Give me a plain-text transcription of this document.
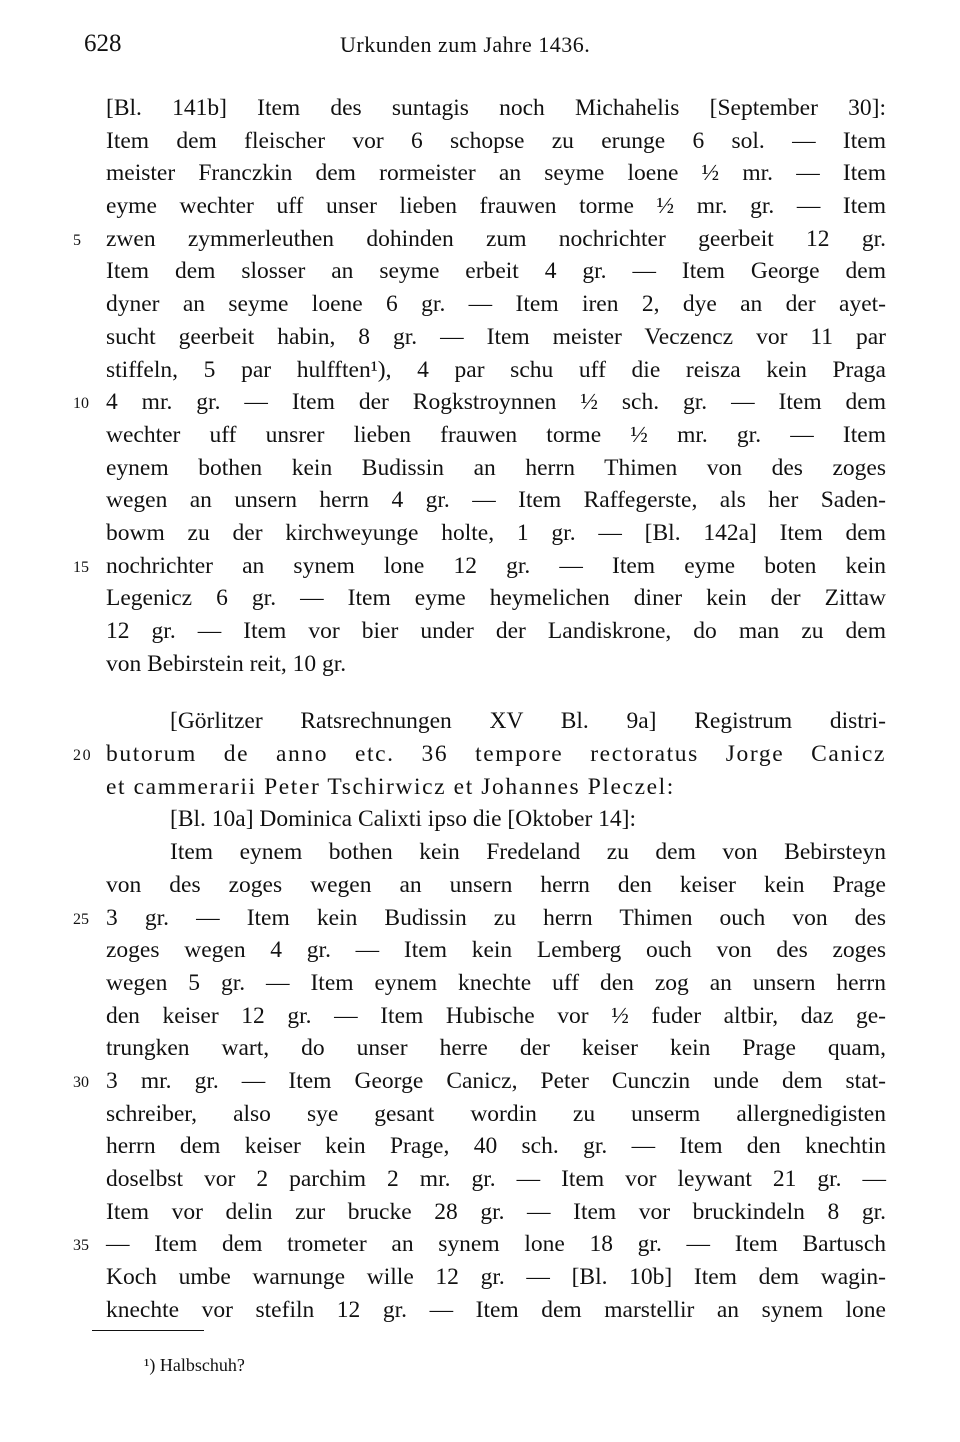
628	Urkunden zum Jahre 1436.
[Bl. 141b] Item des suntagis noch Michahelis [September 30]:
Item dem fleischer vor 6 schopse zu erunge 6 sol. — Item
meister Franczkin dem rormeister an seyme loene ½ mr. — Item
eyme wechter uff unser lieben frauwen torme ½ mr. gr. — Item
5	zwen zymmerleuthen dohinden zum nochrichter geerbeit 12 gr.
Item dem slosser an seyme erbeit 4 gr. — Item George dem
dyner an seyme loene 6 gr. — Item iren 2, dye an der ayet-
sucht geerbeit habin, 8 gr. — Item meister Veczencz vor 11 par
stiffeln, 5 par hulfften¹), 4 par schu uff die reisza kein Praga
10 4 mr. gr. — Item der Rogkstroynnen ½ sch. gr. — Item dem
wechter uff unsrer lieben frauwen torme ½ mr. gr. — Item
eynem bothen kein Budissin an herrn Thimen von des zoges
wegen an unsern herrn 4 gr. — Item Raffegerste, als her Saden-
bowm zu der kirchweyunge holte, 1 gr. — [Bl. 142a] Item dem
15 nochrichter an synem lone 12 gr. — Item eyme boten kein
Legenicz 6 gr. — Item eyme heymelichen diner kein der Zittaw
12 gr. — Item vor bier under der Landiskrone, do man zu dem
von Bebirstein reit, 10 gr.
[Görlitzer Ratsrechnungen XV Bl. 9a] Registrum distri-
20 butorum de anno etc. 36 tempore rectoratus Jorge Canicz
et cammerarii Peter Tschirwicz et Johannes Pleczel:
[Bl. 10a] Dominica Calixti ipso die [Oktober 14]:
Item eynem bothen kein Fredeland zu dem von Bebirsteyn
von des zoges wegen an unsern herrn den keiser kein Prage
25 3 gr. — Item kein Budissin zu herrn Thimen ouch von des
zoges wegen 4 gr. — Item kein Lemberg ouch von des zoges
wegen 5 gr. — Item eynem knechte uff den zog an unsern herrn
den keiser 12 gr. — Item Hubische vor ½ fuder altbir, daz ge-
trungken wart, do unser herre der keiser kein Prage quam,
30 3 mr. gr. — Item George Canicz, Peter Cunczin unde dem stat-
schreiber, also sye gesant wordin zu unserm allergnedigisten
herrn dem keiser kein Prage, 40 sch. gr. — Item den knechtin
doselbst vor 2 parchim 2 mr. gr. — Item vor leywant 21 gr. —
Item vor delin zur brucke 28 gr. — Item vor bruckindeln 8 gr.
35 — Item dem trometer an synem lone 18 gr. — Item Bartusch
Koch umbe warnunge wille 12 gr. — [Bl. 10b] Item dem wagin-
knechte vor stefiln 12 gr. — Item dem marstellir an synem lone
¹) Halbschuh?
